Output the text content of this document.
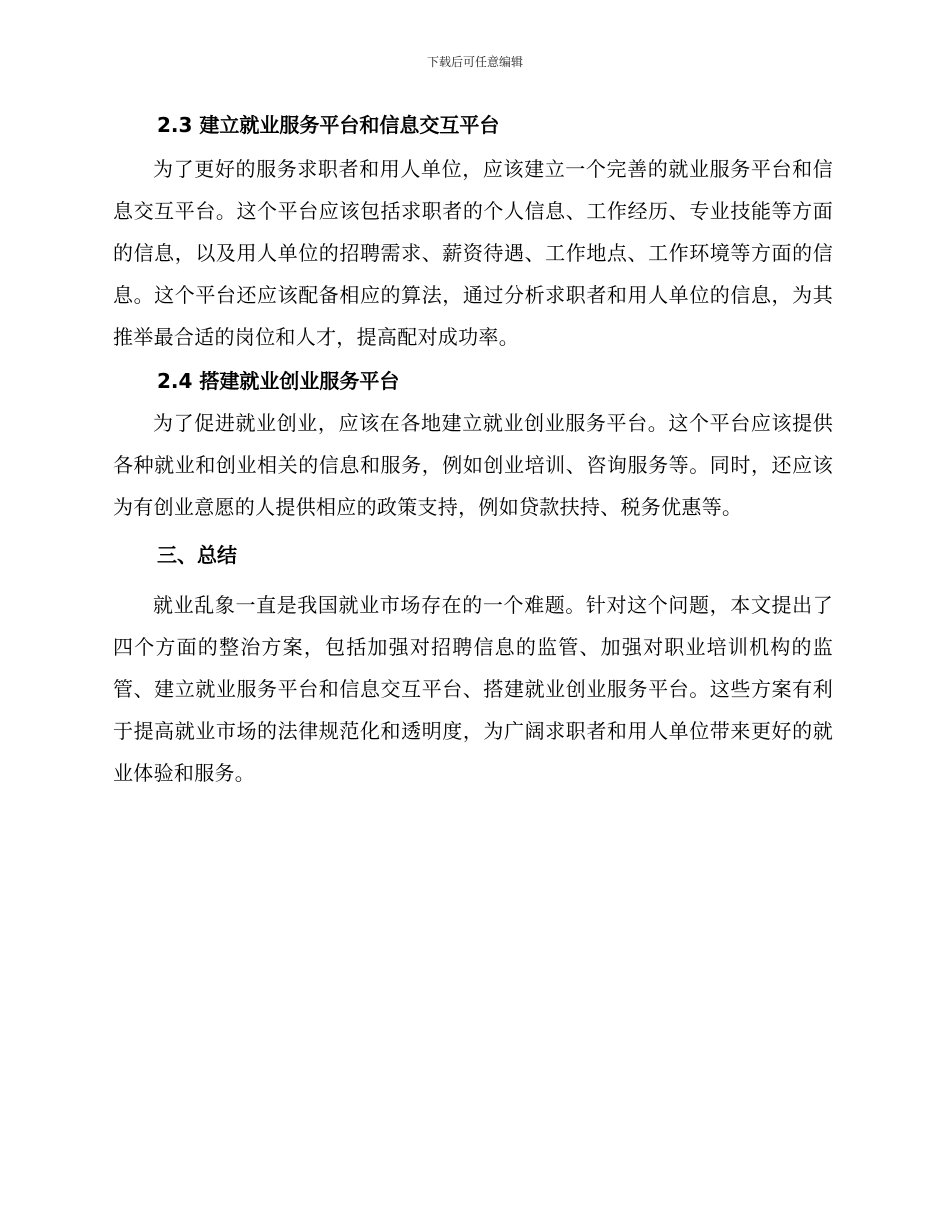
下载后可任意编辑
2.3 建立就业服务平台和信息交互平台

为了更好的服务求职者和用人单位，应该建立一个完善的就业服务平台和信息交互平台。这个平台应该包括求职者的个人信息、工作经历、专业技能等方面的信息，以及用人单位的招聘需求、薪资待遇、工作地点、工作环境等方面的信息。这个平台还应该配备相应的算法，通过分析求职者和用人单位的信息，为其推举最合适的岗位和人才，提高配对成功率。

2.4 搭建就业创业服务平台

为了促进就业创业，应该在各地建立就业创业服务平台。这个平台应该提供各种就业和创业相关的信息和服务，例如创业培训、咨询服务等。同时，还应该为有创业意愿的人提供相应的政策支持，例如贷款扶持、税务优惠等。

三、总结

就业乱象一直是我国就业市场存在的一个难题。针对这个问题，本文提出了四个方面的整治方案，包括加强对招聘信息的监管、加强对职业培训机构的监管、建立就业服务平台和信息交互平台、搭建就业创业服务平台。这些方案有利于提高就业市场的法律规范化和透明度，为广阔求职者和用人单位带来更好的就业体验和服务。
